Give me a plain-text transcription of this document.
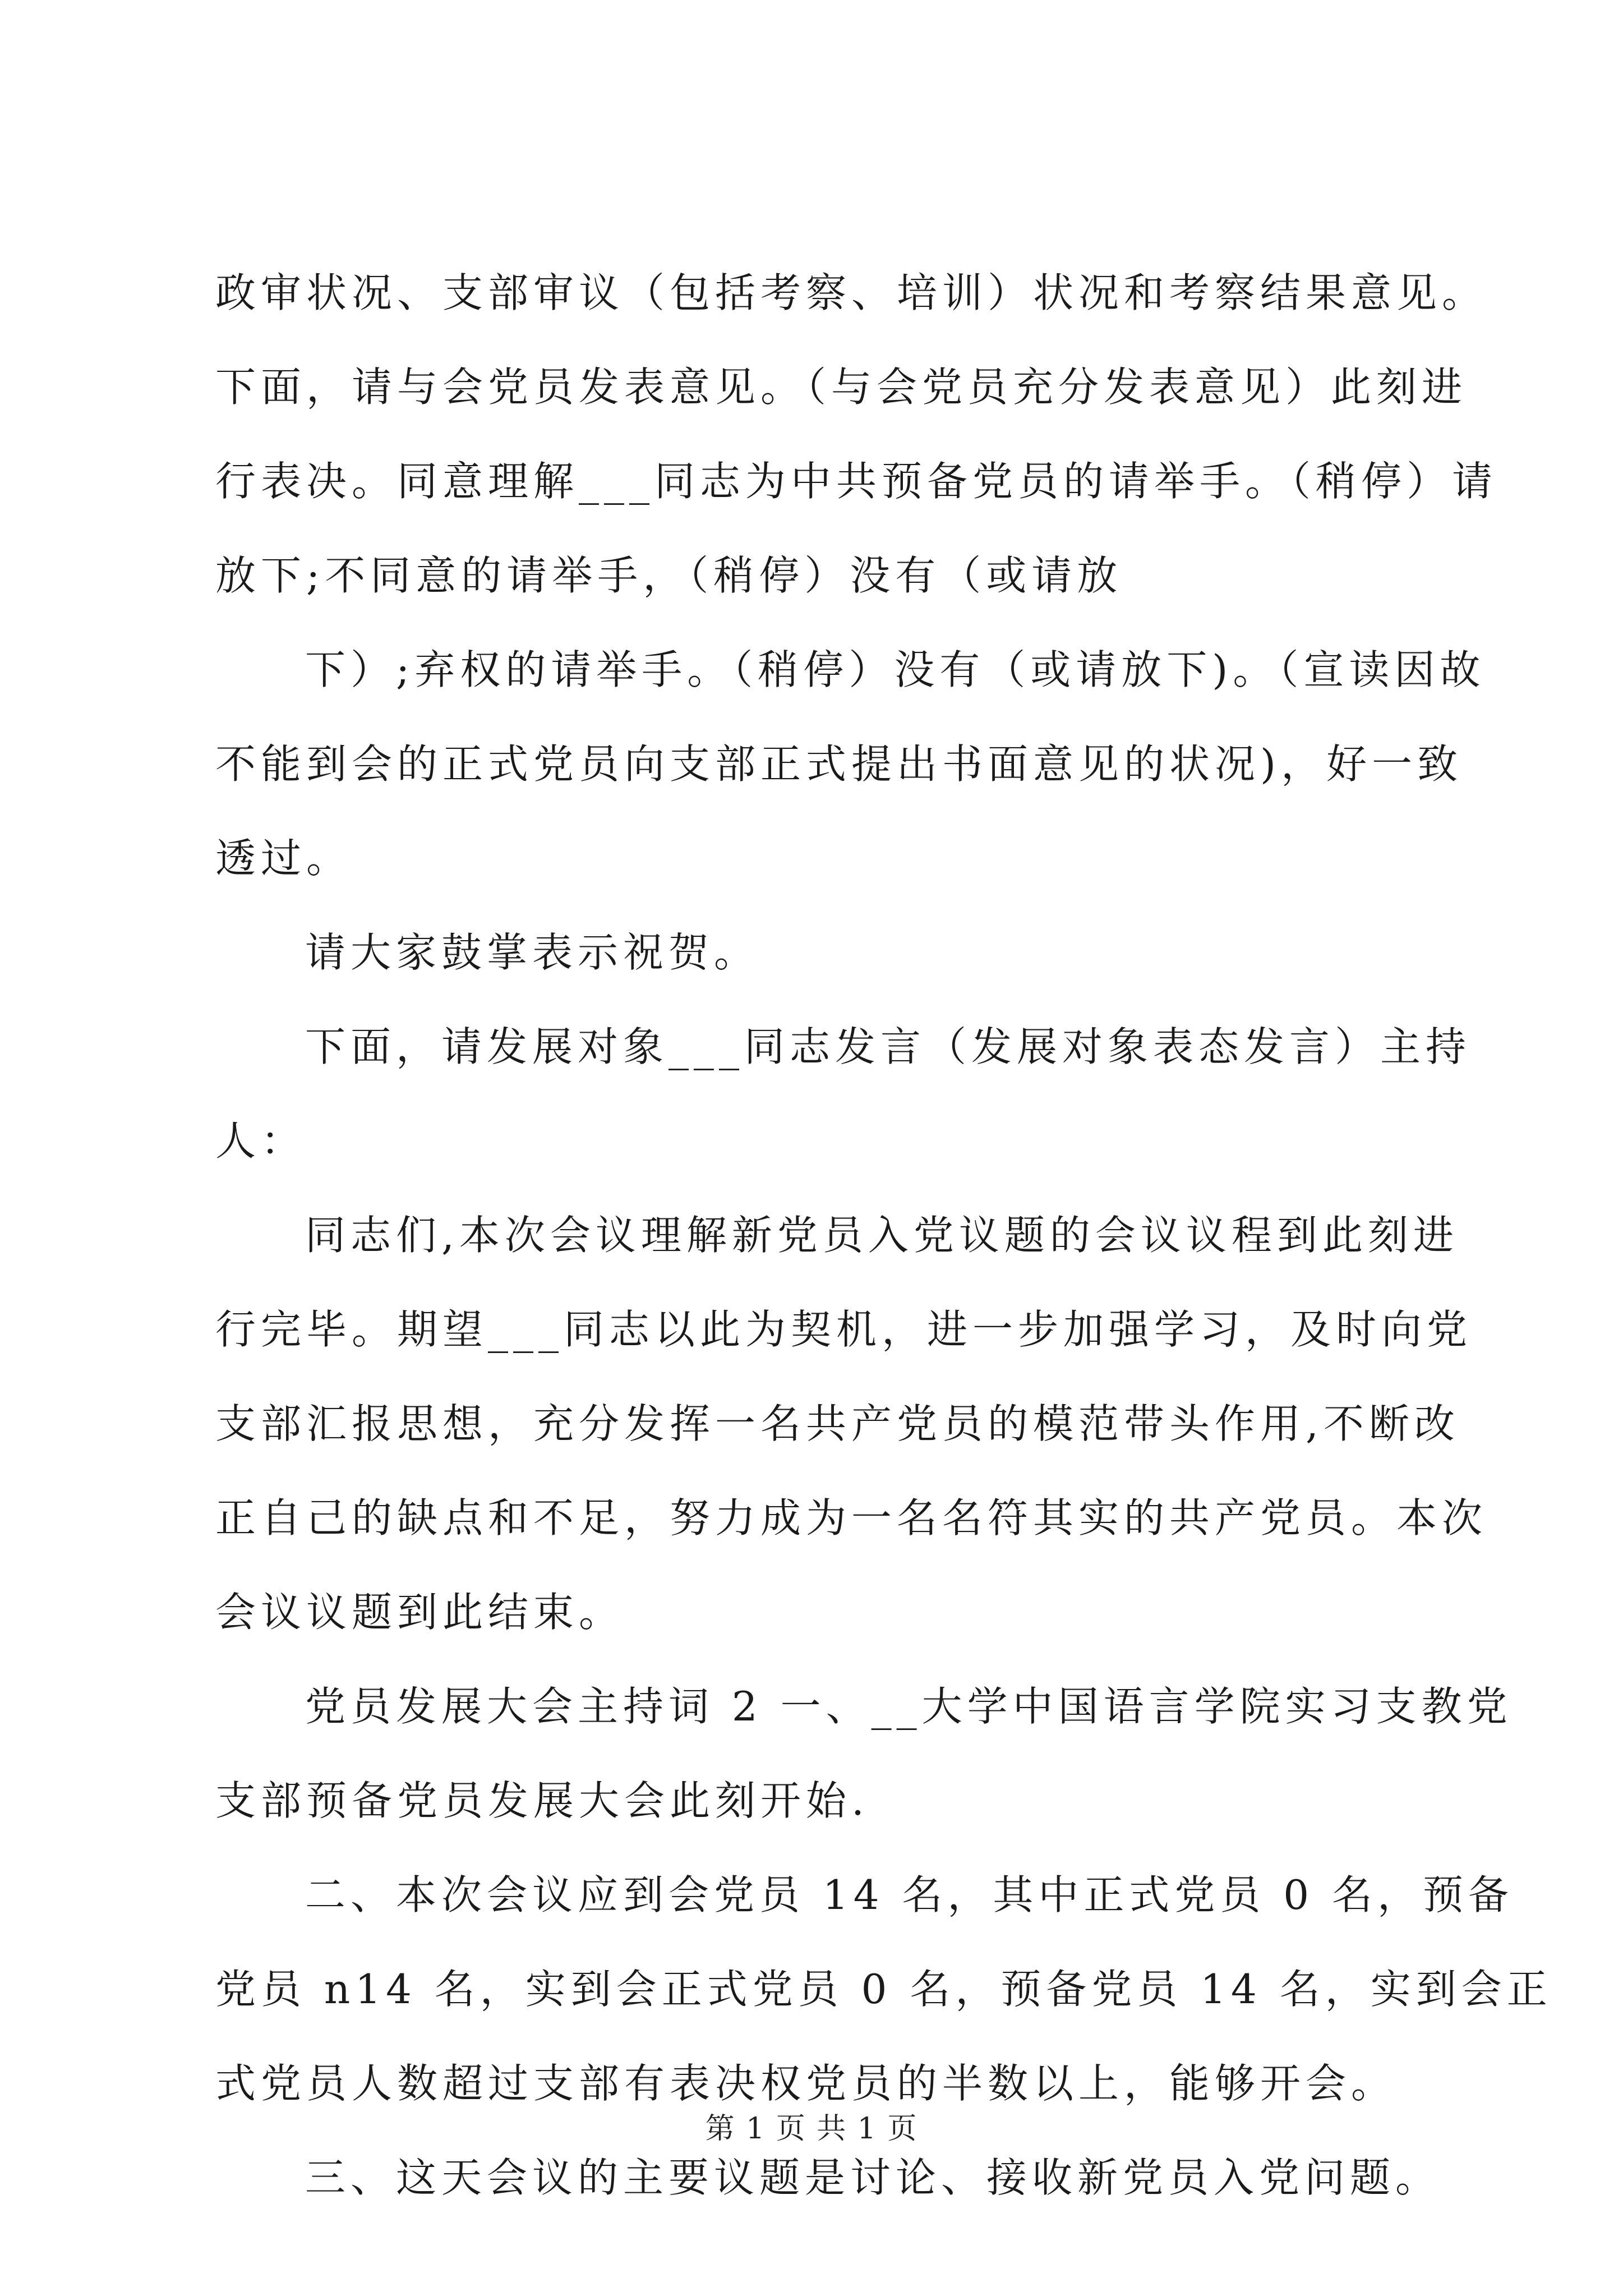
政审状况、支部审议（包括考察、培训）状况和考察结果意见。
下面，请与会党员发表意见。（与会党员充分发表意见）此刻进
行表决。同意理解___同志为中共预备党员的请举手。（稍停）请
放下;不同意的请举手，（稍停）没有（或请放
下）;弃权的请举手。（稍停）没有（或请放下)。（宣读因故
不能到会的正式党员向支部正式提出书面意见的状况)，好一致
透过。
请大家鼓掌表示祝贺。
下面，请发展对象___同志发言（发展对象表态发言）主持
人：
同志们,本次会议理解新党员入党议题的会议议程到此刻进
行完毕。期望___同志以此为契机，进一步加强学习，及时向党
支部汇报思想，充分发挥一名共产党员的模范带头作用,不断改
正自己的缺点和不足，努力成为一名名符其实的共产党员。本次
会议议题到此结束。
党员发展大会主持词 2 一、__大学中国语言学院实习支教党
支部预备党员发展大会此刻开始.
二、本次会议应到会党员 14 名，其中正式党员 0 名，预备
党员 n14 名，实到会正式党员 0 名，预备党员 14 名，实到会正
式党员人数超过支部有表决权党员的半数以上，能够开会。
三、这天会议的主要议题是讨论、接收新党员入党问题。
第 1 页 共 1 页
